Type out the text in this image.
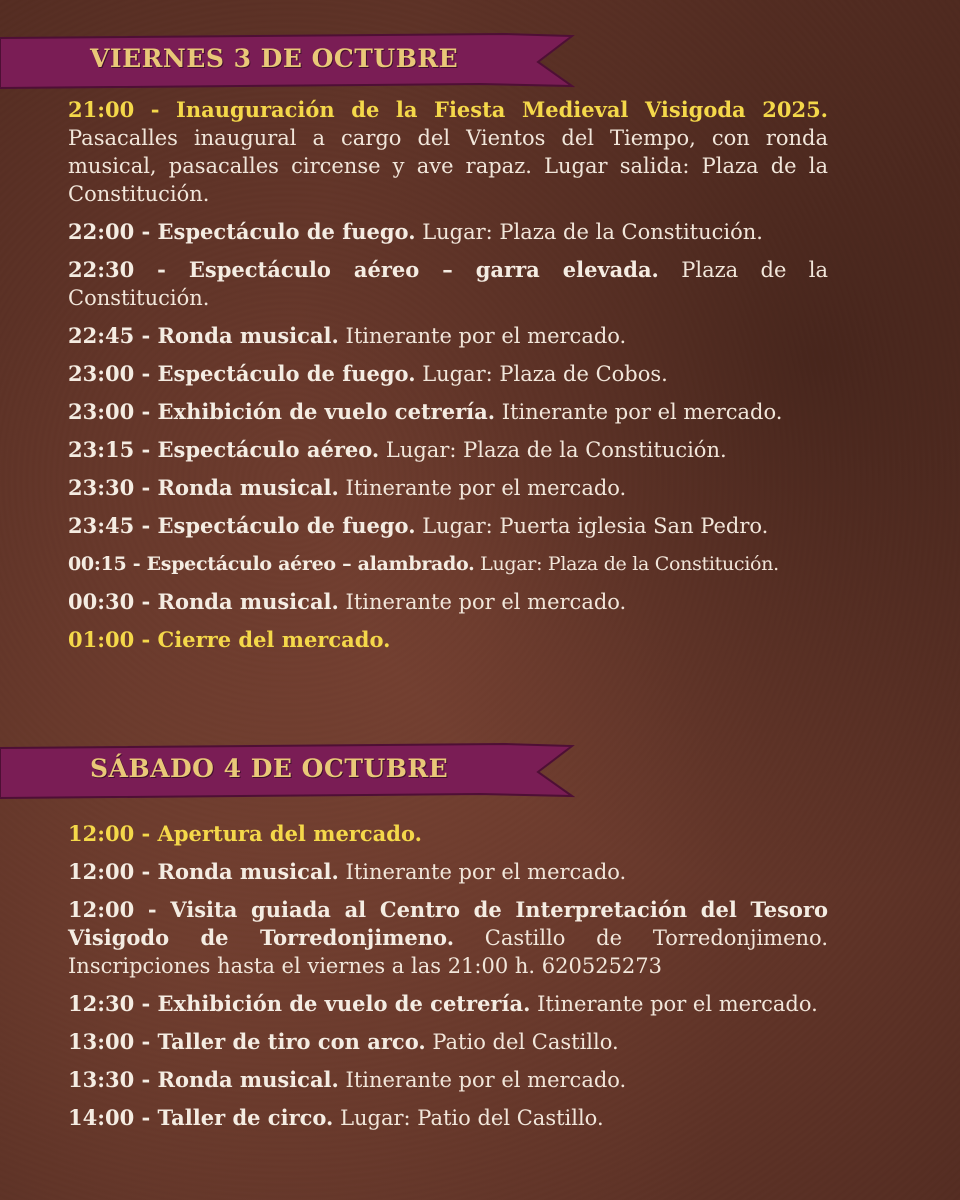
VIERNES 3 DE OCTUBRE
21:00 - Inauguración de la Fiesta Medieval Visigoda 2025. Pasacalles inaugural a cargo del Vientos del Tiempo, con ronda musical, pasacalles circense y ave rapaz. Lugar salida: Plaza de la Constitución.
22:00 - Espectáculo de fuego. Lugar: Plaza de la Constitución.
22:30 - Espectáculo aéreo – garra elevada. Plaza de la Constitución.
22:45 - Ronda musical. Itinerante por el mercado.
23:00 - Espectáculo de fuego. Lugar: Plaza de Cobos.
23:00 - Exhibición de vuelo cetrería. Itinerante por el mercado.
23:15 - Espectáculo aéreo. Lugar: Plaza de la Constitución.
23:30 - Ronda musical. Itinerante por el mercado.
23:45 - Espectáculo de fuego. Lugar: Puerta iglesia San Pedro.
00:15 - Espectáculo aéreo – alambrado. Lugar: Plaza de la Constitución.
00:30 - Ronda musical. Itinerante por el mercado.
01:00 - Cierre del mercado.
SÁBADO 4 DE OCTUBRE
12:00 - Apertura del mercado.
12:00 - Ronda musical. Itinerante por el mercado.
12:00 - Visita guiada al Centro de Interpretación del Tesoro Visigodo de Torredonjimeno. Castillo de Torredonjimeno. Inscripciones hasta el viernes a las 21:00 h. 620525273
12:30 - Exhibición de vuelo de cetrería. Itinerante por el mercado.
13:00 - Taller de tiro con arco. Patio del Castillo.
13:30 - Ronda musical. Itinerante por el mercado.
14:00 - Taller de circo. Lugar: Patio del Castillo.
